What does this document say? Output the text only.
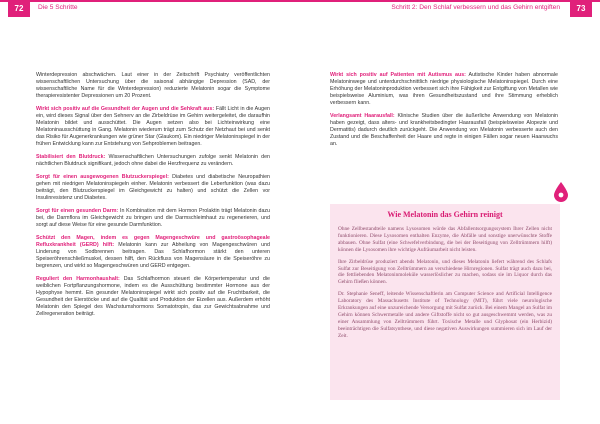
72	Die 5 Schritte	Schritt 2: Den Schlaf verbessern und das Gehirn entgiften	73

Winterdepression abschwächen. Laut einer in der Zeitschrift Psychiatry veröffentlichten wissenschaftlichen Untersuchung über die saisonal abhängige Depression (SAD, der wissenschaftliche Name für die Winterdepression) reduzierte Melatonin sogar die Symptome therapieresistenter Depressionen um 20 Prozent.

Wirkt sich positiv auf die Gesundheit der Augen und die Sehkraft aus: Fällt Licht in die Augen ein, wird dieses Signal über den Sehnerv an die Zirbeldrüse im Gehirn weitergeleitet, die daraufhin Melatonin bildet und ausschüttet. Die Augen setzen also bei Lichteinwirkung eine Melatoninausschüttung in Gang. Melatonin wiederum trägt zum Schutz der Netzhaut bei und senkt das Risiko für Augenerkrankungen wie grüner Star (Glaukom). Ein niedriger Melatoninspiegel in der frühen Entwicklung kann zur Entstehung von Sehproblemen beitragen.

Stabilisiert den Blutdruck: Wissenschaftlichen Untersuchungen zufolge senkt Melatonin den nächtlichen Blutdruck signifikant, jedoch ohne dabei die Herzfrequenz zu verändern.

Sorgt für einen ausgewogenen Blutzuckerspiegel: Diabetes und diabetische Neuropathien gehen mit niedrigen Melatoninspiegeln einher. Melatonin verbessert die Leberfunktion (was dazu beiträgt, den Blutzuckerspiegel im Gleichgewicht zu halten) und schützt die Zellen vor Insulinresistenz und Diabetes.

Sorgt für einen gesunden Darm: In Kombination mit dem Hormon Prolaktin trägt Melatonin dazu bei, die Darmflora im Gleichgewicht zu bringen und die Darmschleimhaut zu regenerieren, und sorgt auf diese Weise für eine gesunde Darmfunktion.

Schützt den Magen, indem es gegen Magengeschwüre und gastroösophageale Refluxkrankheit (GERD) hilft: Melatonin kann zur Abheilung von Magengeschwüren und Linderung von Sodbrennen beitragen. Das Schlafhormon stärkt den unteren Speiseröhrenschließmuskel, dessen hilft, den Rückfluss von Magensäure in die Speiseröhre zu begrenzen, und wirkt so Magengeschwüren und GERD entgegen.

Reguliert den Harmonhaushalt: Das Schlafhormon steuert die Körpertemperatur und die weiblichen Fortpflanzungshormone, indem es die Ausschüttung bestimmter Hormone aus der Hypophyse hemmt. Ein gesunder Melatoninspiegel wirkt sich positiv auf die Fruchtbarkeit, die Gesundheit der Eierstöcke und auf die Qualität und Produktion der Eizellen aus. Außerdem erhöht Melatonin den Spiegel des Wachstumshormons Somatotropin, das zur Gewichtsabnahme und Zellregeneration beiträgt.

Wirkt sich positiv auf Patienten mit Autismus aus: Autistische Kinder haben abnormale Melatoninwege und unterdurchschnittlich niedrige physiologische Melatoninspiegel. Durch eine Erhöhung der Melatoninproduktion verbessert sich ihre Fähigkeit zur Entgiftung von Metallen wie beispielsweise Aluminium, was ihren Gesundheitszustand und ihre Stimmung erheblich verbessern kann.

Verlangsamt Haarausfall: Klinische Studien über die äußerliche Anwendung von Melatonin haben gezeigt, dass alters- und krankheitsbedingter Haarausfall (beispielsweise Alopezie und Dermatitis) dadurch deutlich zurückgeht. Die Anwendung von Melatonin verbesserte auch den Zustand und die Beschaffenheit der Haare und regte in einigen Fällen sogar neuen Haarwuchs an.

Wie Melatonin das Gehirn reinigt

Ohne Zellbestandteile namens Lysosomen würde das Abfallentsorgungssystem Ihrer Zellen nicht funktionieren. Diese Lysosomen enthalten Enzyme, die Abfälle und sonstige unerwünschte Stoffe abbauen. Ohne Sulfat (eine Schwefelverbindung, die bei der Beseitigung von Zelltrümmern hilft) können die Lysosomen ihre wichtige Aufräumarbeit nicht leisten.

Ihre Zirbeldrüse produziert abends Melatonin, und dieses Melatonin liefert während des Schlafs Sulfat zur Beseitigung von Zelltrümmern an verschiedene Hirnregionen. Sulfat trägt auch dazu bei, die fettliebenden Melatoninmoleküle wasserlöslicher zu machen, sodass sie im Liquor durch das Gehirn fließen können.

Dr. Stephanie Seneff, leitende Wissenschaftlerin am Computer Science and Artificial Intelligence Laboratory des Massachusetts Institute of Technology (MIT), führt viele neurologische Erkrankungen auf eine unzureichende Versorgung mit Sulfat zurück. Bei einem Mangel an Sulfat im Gehirn können Schwermetalle und andere Giftstoffe nicht so gut ausgeschwemmt werden, was zu einer Ansammlung von Zelltrümmern führt. Toxische Metalle und Glyphosat (ein Herbizid) beeinträchtigen die Sulfatsynthese, und diese negativen Auswirkungen summieren sich im Lauf der Zeit.
